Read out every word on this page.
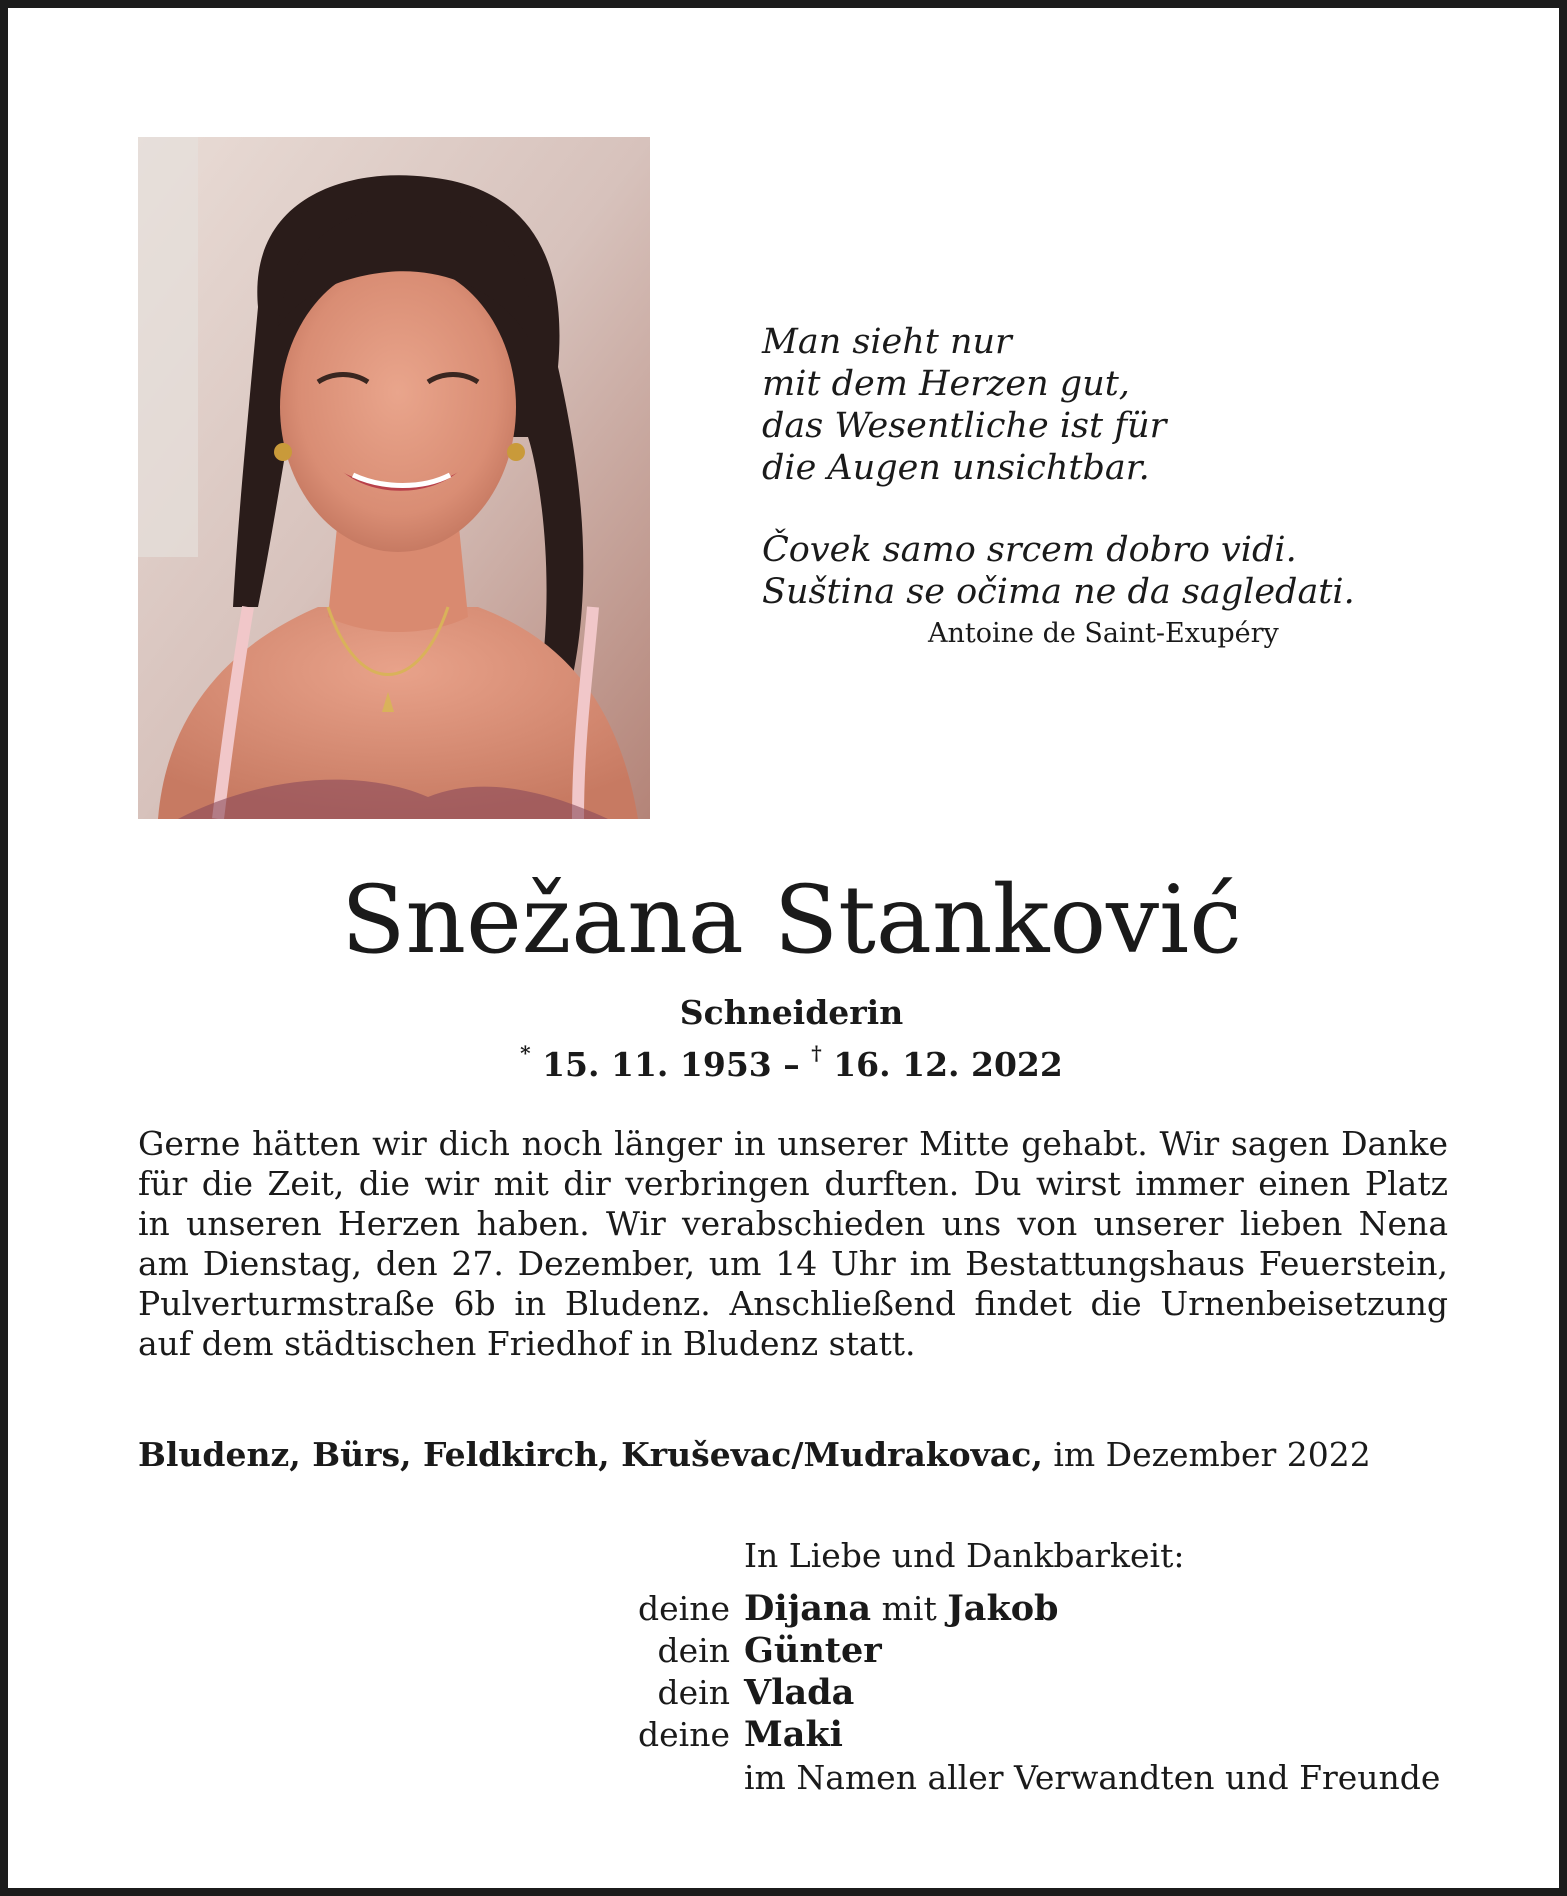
Man sieht nur
mit dem Herzen gut,
das Wesentliche ist für
die Augen unsichtbar.
Čovek samo srcem dobro vidi.
Suština se očima ne da sagledati.
Antoine de Saint-Exupéry
Snežana Stanković
Schneiderin
* 15. 11. 1953 – † 16. 12. 2022
Gerne hätten wir dich noch länger in unserer Mitte gehabt. Wir sagen Danke
für die Zeit, die wir mit dir verbringen durften. Du wirst immer einen Platz
in unseren Herzen haben. Wir verabschieden uns von unserer lieben Nena
am Dienstag, den 27. Dezember, um 14 Uhr im Bestattungshaus Feuerstein,
Pulverturmstraße 6b in Bludenz. Anschließend findet die Urnenbeisetzung
auf dem städtischen Friedhof in Bludenz statt.
Bludenz, Bürs, Feldkirch, Kruševac/Mudrakovac, im Dezember 2022
In Liebe und Dankbarkeit:
deine Dijana mit Jakob
dein Günter
dein Vlada
deine Maki
im Namen aller Verwandten und Freunde
